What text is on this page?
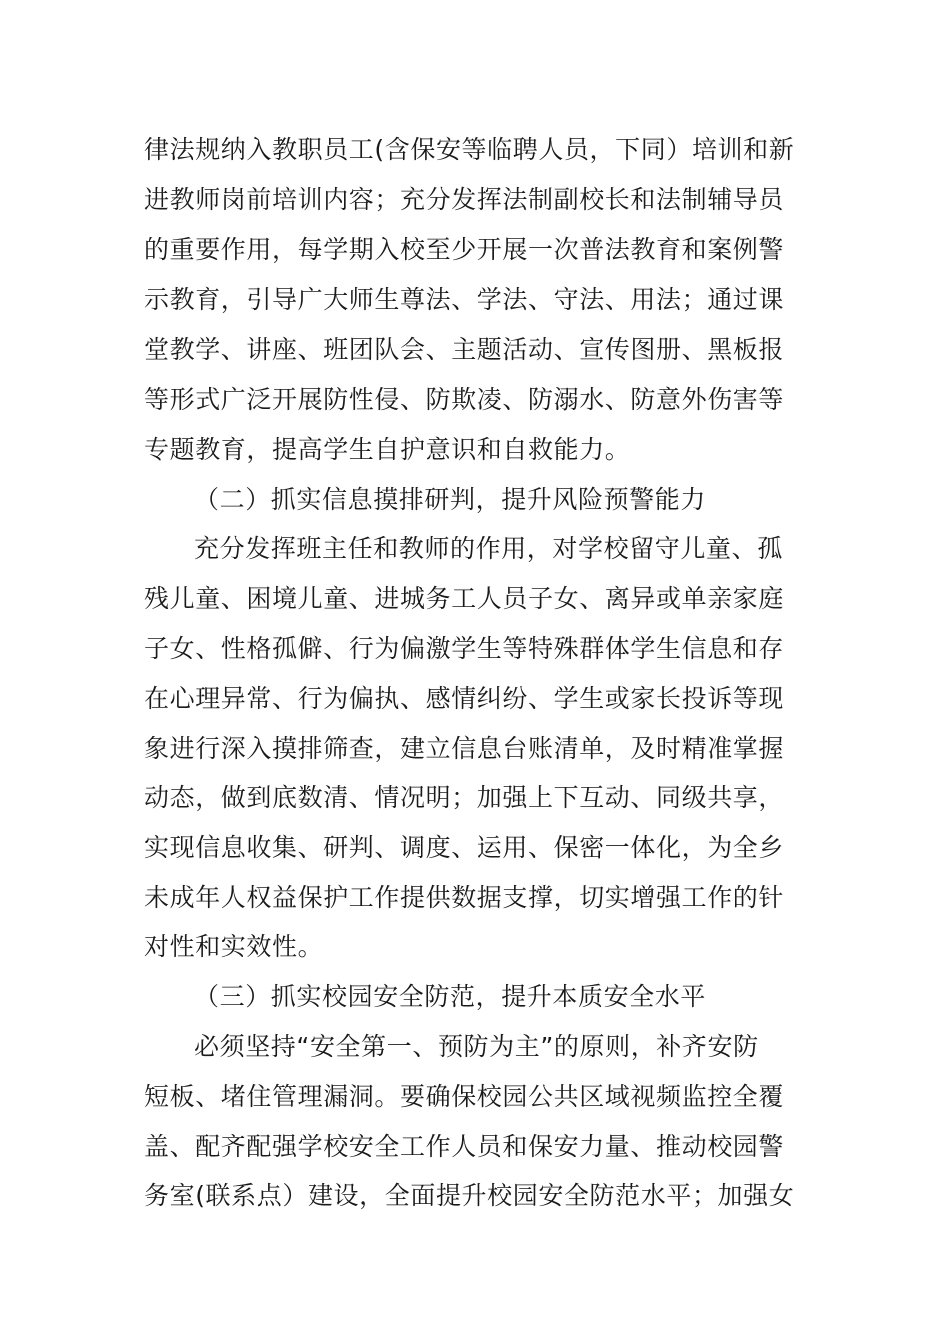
律法规纳入教职员工(含保安等临聘人员，下同）培训和新
进教师岗前培训内容；充分发挥法制副校长和法制辅导员
的重要作用，每学期入校至少开展一次普法教育和案例警
示教育，引导广大师生尊法、学法、守法、用法；通过课
堂教学、讲座、班团队会、主题活动、宣传图册、黑板报
等形式广泛开展防性侵、防欺凌、防溺水、防意外伤害等
专题教育，提高学生自护意识和自救能力。
（二）抓实信息摸排研判，提升风险预警能力
充分发挥班主任和教师的作用，对学校留守儿童、孤
残儿童、困境儿童、进城务工人员子女、离异或单亲家庭
子女、性格孤僻、行为偏激学生等特殊群体学生信息和存
在心理异常、行为偏执、感情纠纷、学生或家长投诉等现
象进行深入摸排筛查，建立信息台账清单，及时精准掌握
动态，做到底数清、情况明；加强上下互动、同级共享，
实现信息收集、研判、调度、运用、保密一体化，为全乡
未成年人权益保护工作提供数据支撑，切实增强工作的针
对性和实效性。
（三）抓实校园安全防范，提升本质安全水平
必须坚持“安全第一、预防为主”的原则，补齐安防
短板、堵住管理漏洞。要确保校园公共区域视频监控全覆
盖、配齐配强学校安全工作人员和保安力量、推动校园警
务室(联系点）建设，全面提升校园安全防范水平；加强女
